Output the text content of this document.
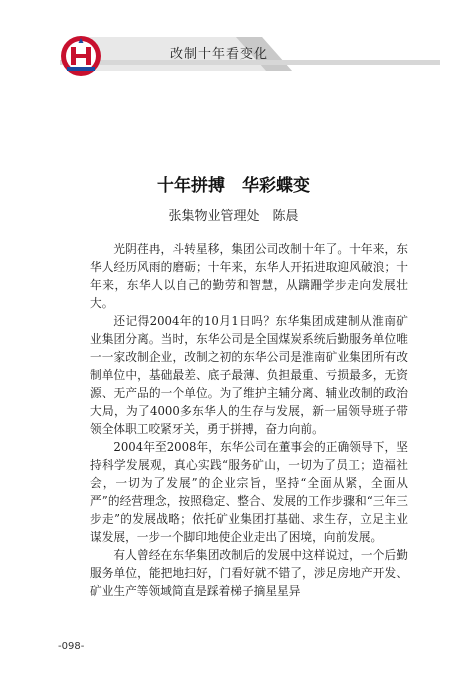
改制十年看变化
十年拼搏　华彩蝶变
张集物业管理处　陈晨

光阴荏冉，斗转星移，集团公司改制十年了。十年来，东华人经历风雨的磨砺；十年来，东华人开拓进取迎风破浪；十年来，东华人以自己的勤劳和智慧，从蹒跚学步走向发展壮大。

还记得2004年的10月1日吗？东华集团成建制从淮南矿业集团分离。当时，东华公司是全国煤炭系统后勤服务单位唯一一家改制企业，改制之初的东华公司是淮南矿业集团所有改制单位中，基础最差、底子最薄、负担最重、亏损最多，无资源、无产品的一个单位。为了维护主辅分离、辅业改制的政治大局，为了4000多东华人的生存与发展，新一届领导班子带领全体职工咬紧牙关，勇于拼搏，奋力向前。

2004年至2008年，东华公司在董事会的正确领导下，坚持科学发展观，真心实践“服务矿山，一切为了员工；造福社会，一切为了发展”的企业宗旨，坚持“全面从紧，全面从严”的经营理念，按照稳定、整合、发展的工作步骤和“三年三步走”的发展战略；依托矿业集团打基础、求生存，立足主业谋发展，一步一个脚印地使企业走出了困境，向前发展。

有人曾经在东华集团改制后的发展中这样说过，一个后勤服务单位，能把地扫好，门看好就不错了，涉足房地产开发、矿业生产等领域简直是踩着梯子摘星星异

-098-
